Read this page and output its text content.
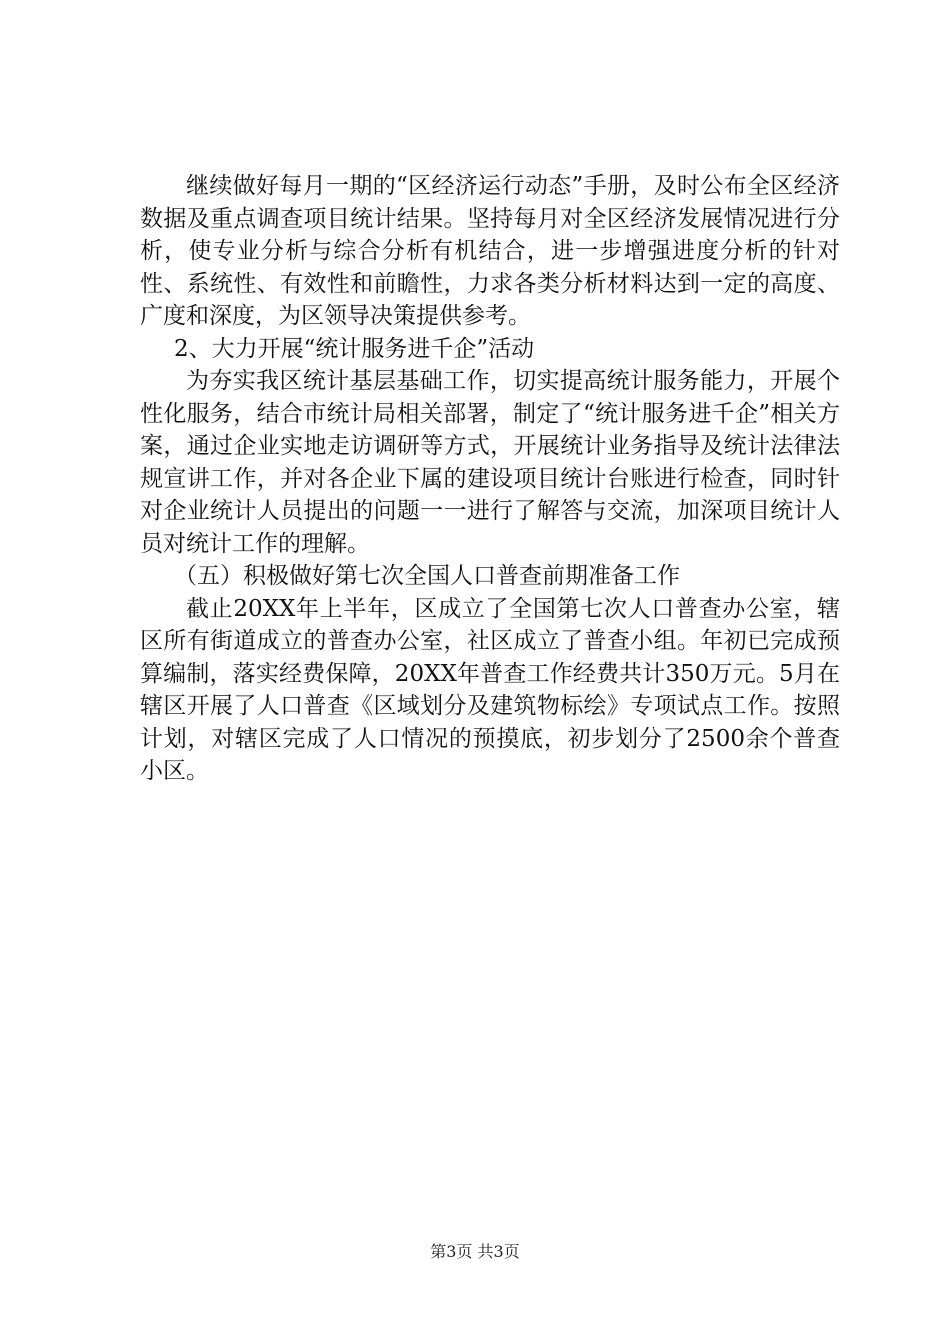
继续做好每月一期的“区经济运行动态”手册，及时公布全区经济数据及重点调查项目统计结果。坚持每月对全区经济发展情况进行分析，使专业分析与综合分析有机结合，进一步增强进度分析的针对性、系统性、有效性和前瞻性，力求各类分析材料达到一定的高度、广度和深度，为区领导决策提供参考。

2、大力开展“统计服务进千企”活动

为夯实我区统计基层基础工作，切实提高统计服务能力，开展个性化服务，结合市统计局相关部署，制定了“统计服务进千企”相关方案，通过企业实地走访调研等方式，开展统计业务指导及统计法律法规宣讲工作，并对各企业下属的建设项目统计台账进行检查，同时针对企业统计人员提出的问题一一进行了解答与交流，加深项目统计人员对统计工作的理解。

（五）积极做好第七次全国人口普查前期准备工作

截止20XX年上半年，区成立了全国第七次人口普查办公室，辖区所有街道成立的普查办公室，社区成立了普查小组。年初已完成预算编制，落实经费保障，20XX年普查工作经费共计350万元。5月在辖区开展了人口普查《区域划分及建筑物标绘》专项试点工作。按照计划，对辖区完成了人口情况的预摸底，初步划分了2500余个普查小区。

第3页 共3页
